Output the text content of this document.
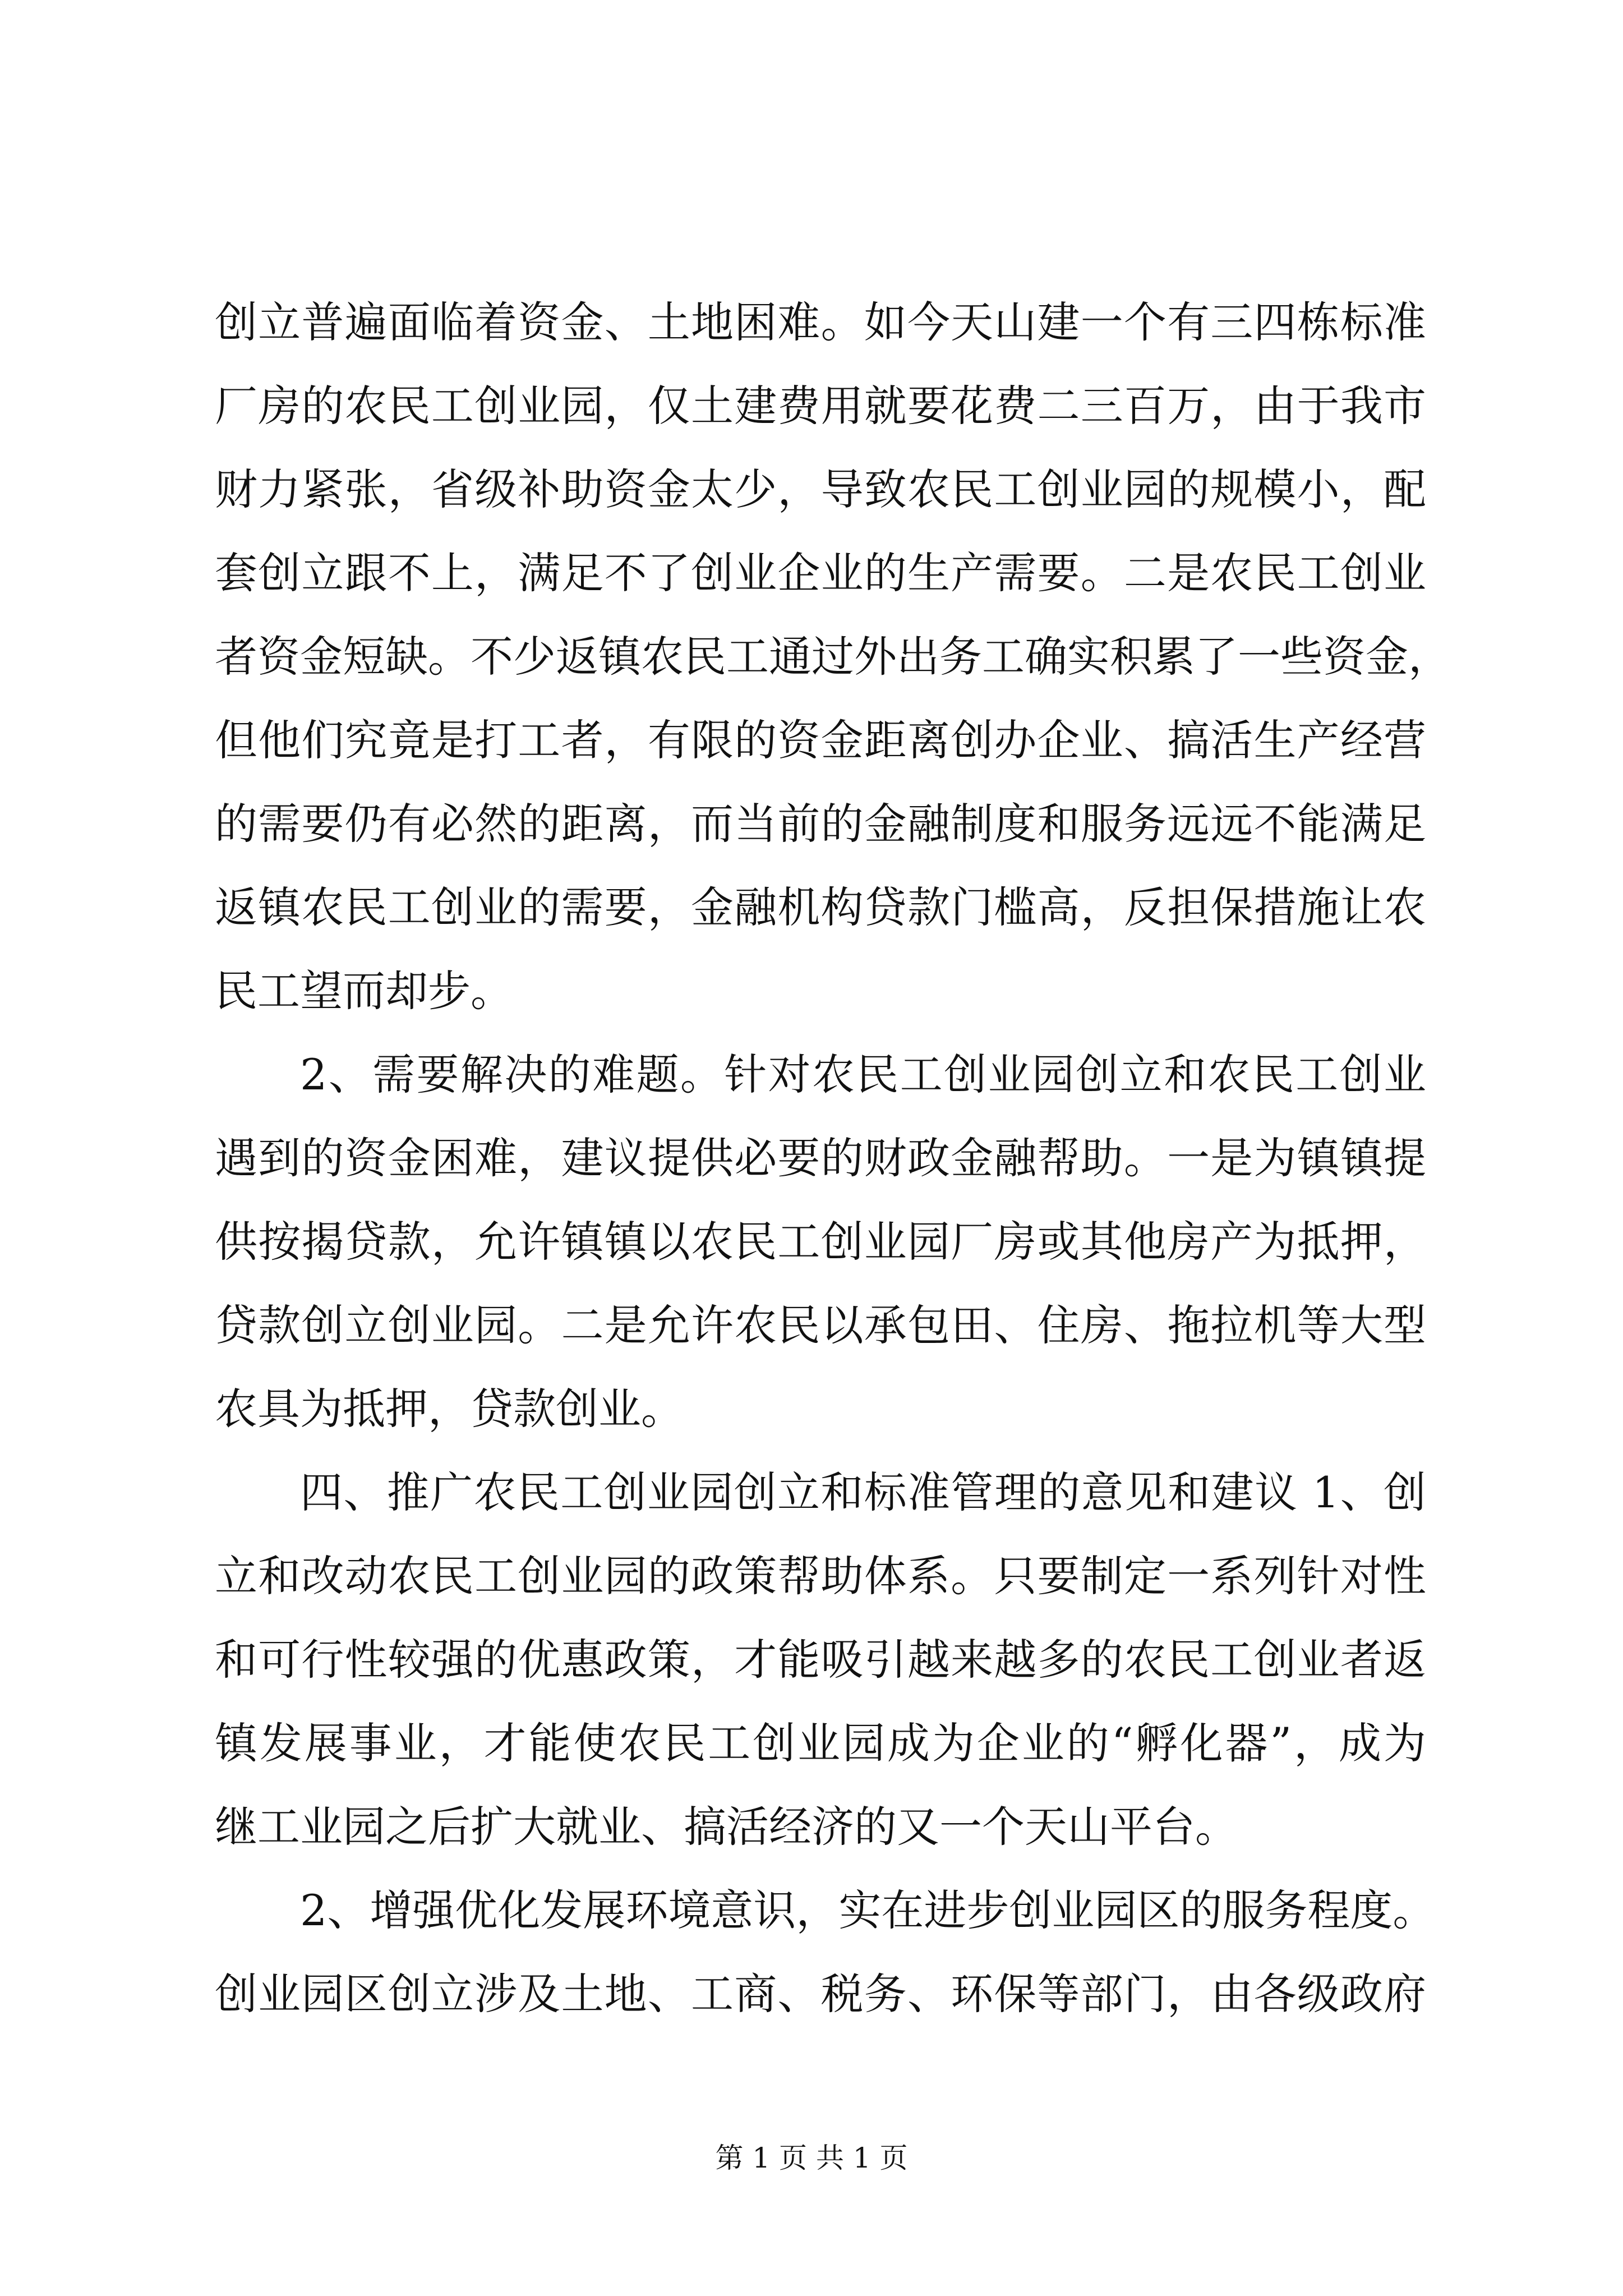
创立普遍面临着资金、土地困难。如今天山建一个有三四栋标准
厂房的农民工创业园，仅土建费用就要花费二三百万，由于我市
财力紧张，省级补助资金太少，导致农民工创业园的规模小，配
套创立跟不上，满足不了创业企业的生产需要。二是农民工创业
者资金短缺。不少返镇农民工通过外出务工确实积累了一些资金，
但他们究竟是打工者，有限的资金距离创办企业、搞活生产经营
的需要仍有必然的距离，而当前的金融制度和服务远远不能满足
返镇农民工创业的需要，金融机构贷款门槛高，反担保措施让农
民工望而却步。
2、需要解决的难题。针对农民工创业园创立和农民工创业
遇到的资金困难，建议提供必要的财政金融帮助。一是为镇镇提
供按揭贷款，允许镇镇以农民工创业园厂房或其他房产为抵押，
贷款创立创业园。二是允许农民以承包田、住房、拖拉机等大型
农具为抵押，贷款创业。
四、推广农民工创业园创立和标准管理的意见和建议 1、创
立和改动农民工创业园的政策帮助体系。只要制定一系列针对性
和可行性较强的优惠政策，才能吸引越来越多的农民工创业者返
镇发展事业，才能使农民工创业园成为企业的“孵化器”，成为
继工业园之后扩大就业、搞活经济的又一个天山平台。
2、增强优化发展环境意识，实在进步创业园区的服务程度。
创业园区创立涉及土地、工商、税务、环保等部门，由各级政府
第 1 页 共 1 页
